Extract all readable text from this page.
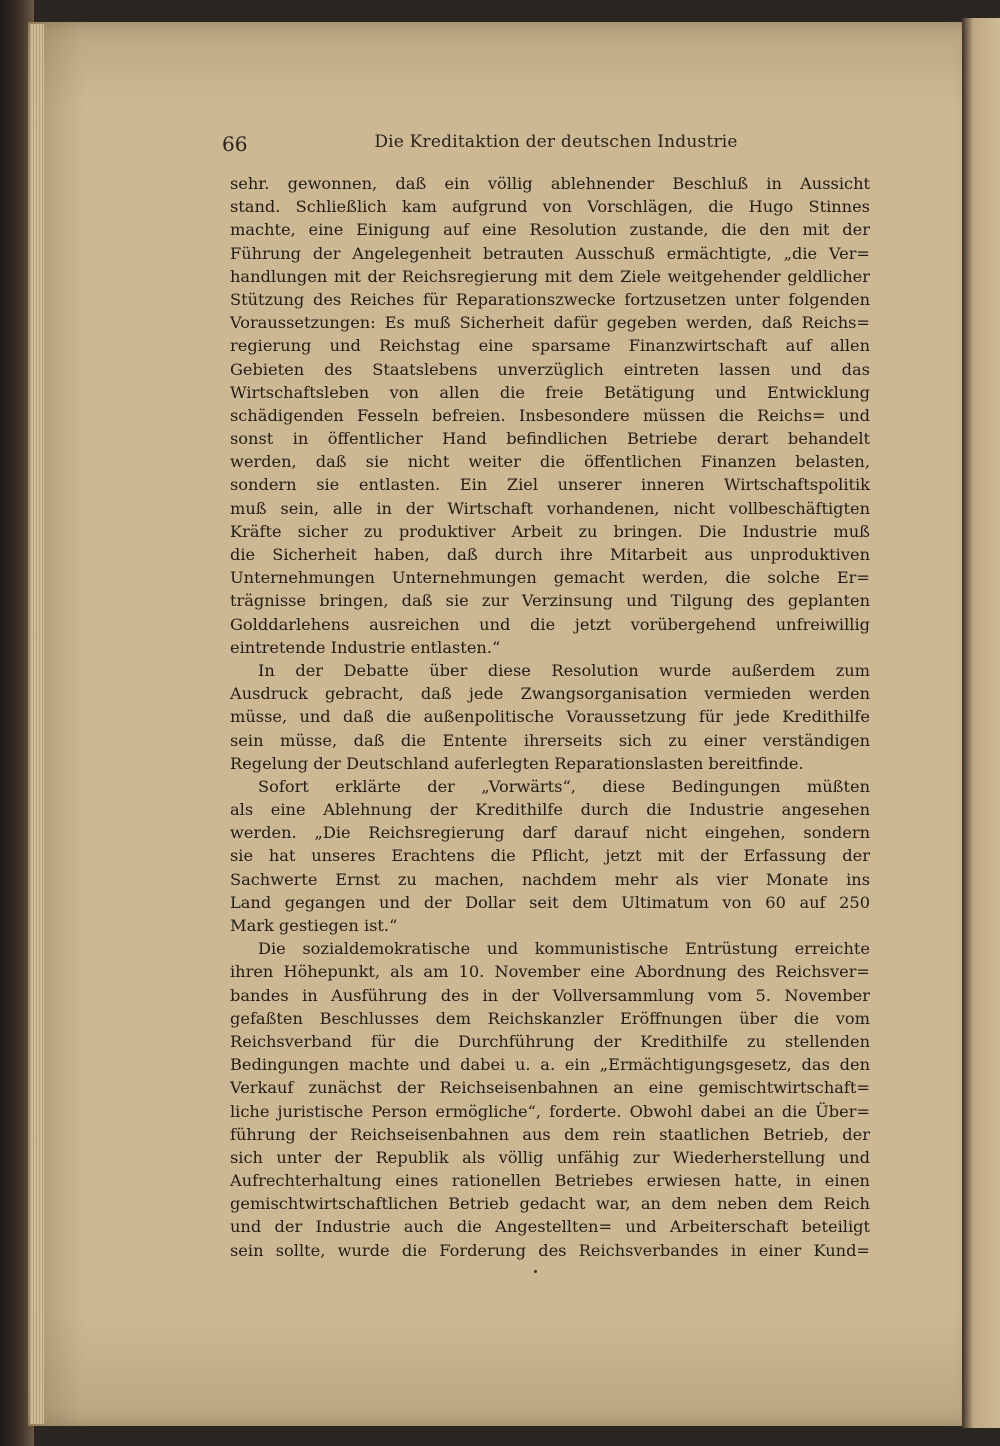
66	Die Kreditaktion der deutschen Industrie
sehr. gewonnen, daß ein völlig ablehnender Beschluß in Aussicht
stand. Schließlich kam aufgrund von Vorschlägen, die Hugo Stinnes
machte, eine Einigung auf eine Resolution zustande, die den mit der
Führung der Angelegenheit betrauten Ausschuß ermächtigte, „die Ver=
handlungen mit der Reichsregierung mit dem Ziele weitgehender geldlicher
Stützung des Reiches für Reparationszwecke fortzusetzen unter folgenden
Voraussetzungen: Es muß Sicherheit dafür gegeben werden, daß Reichs=
regierung und Reichstag eine sparsame Finanzwirtschaft auf allen
Gebieten des Staatslebens unverzüglich eintreten lassen und das
Wirtschaftsleben von allen die freie Betätigung und Entwicklung
schädigenden Fesseln befreien. Insbesondere müssen die Reichs= und
sonst in öffentlicher Hand befindlichen Betriebe derart behandelt
werden, daß sie nicht weiter die öffentlichen Finanzen belasten,
sondern sie entlasten. Ein Ziel unserer inneren Wirtschaftspolitik
muß sein, alle in der Wirtschaft vorhandenen, nicht vollbeschäftigten
Kräfte sicher zu produktiver Arbeit zu bringen. Die Industrie muß
die Sicherheit haben, daß durch ihre Mitarbeit aus unproduktiven
Unternehmungen Unternehmungen gemacht werden, die solche Er=
trägnisse bringen, daß sie zur Verzinsung und Tilgung des geplanten
Golddarlehens ausreichen und die jetzt vorübergehend unfreiwillig
eintretende Industrie entlasten.“
In der Debatte über diese Resolution wurde außerdem zum
Ausdruck gebracht, daß jede Zwangsorganisation vermieden werden
müsse, und daß die außenpolitische Voraussetzung für jede Kredithilfe
sein müsse, daß die Entente ihrerseits sich zu einer verständigen
Regelung der Deutschland auferlegten Reparationslasten bereitfinde.
Sofort erklärte der „Vorwärts“, diese Bedingungen müßten
als eine Ablehnung der Kredithilfe durch die Industrie angesehen
werden. „Die Reichsregierung darf darauf nicht eingehen, sondern
sie hat unseres Erachtens die Pflicht, jetzt mit der Erfassung der
Sachwerte Ernst zu machen, nachdem mehr als vier Monate ins
Land gegangen und der Dollar seit dem Ultimatum von 60 auf 250
Mark gestiegen ist.“
Die sozialdemokratische und kommunistische Entrüstung erreichte
ihren Höhepunkt, als am 10. November eine Abordnung des Reichsver=
bandes in Ausführung des in der Vollversammlung vom 5. November
gefaßten Beschlusses dem Reichskanzler Eröffnungen über die vom
Reichsverband für die Durchführung der Kredithilfe zu stellenden
Bedingungen machte und dabei u. a. ein „Ermächtigungsgesetz, das den
Verkauf zunächst der Reichseisenbahnen an eine gemischtwirtschaft=
liche juristische Person ermögliche“, forderte. Obwohl dabei an die Über=
führung der Reichseisenbahnen aus dem rein staatlichen Betrieb, der
sich unter der Republik als völlig unfähig zur Wiederherstellung und
Aufrechterhaltung eines rationellen Betriebes erwiesen hatte, in einen
gemischtwirtschaftlichen Betrieb gedacht war, an dem neben dem Reich
und der Industrie auch die Angestellten= und Arbeiterschaft beteiligt
sein sollte, wurde die Forderung des Reichsverbandes in einer Kund=
